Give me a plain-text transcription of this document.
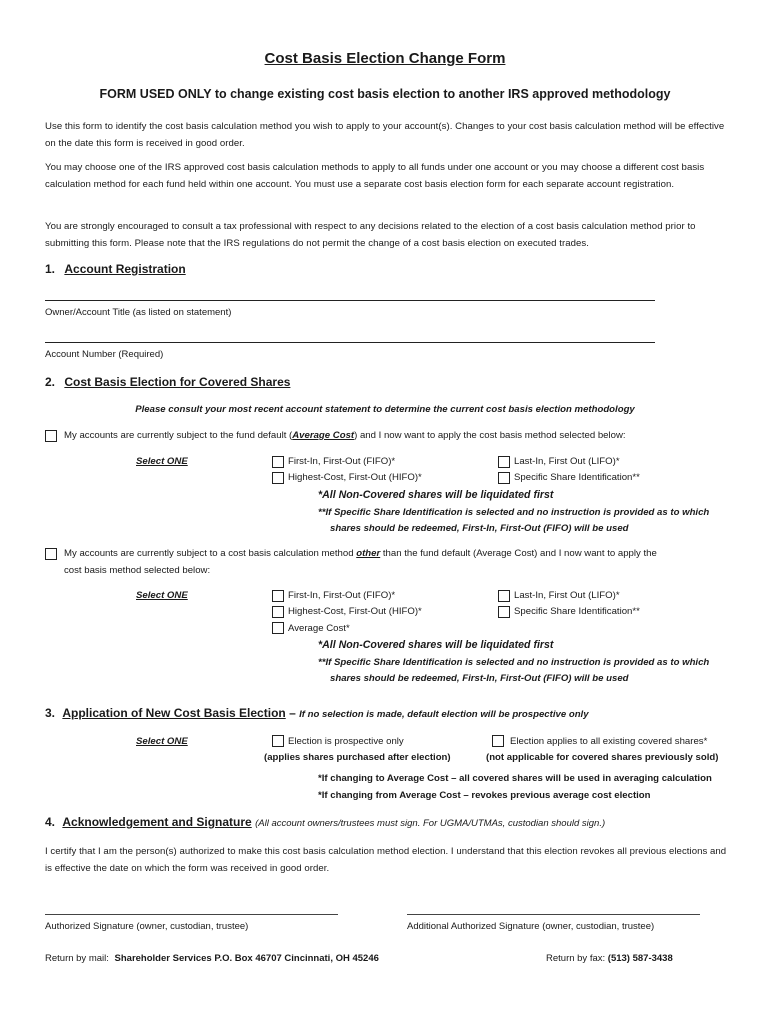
Cost Basis Election Change Form
FORM USED ONLY to change existing cost basis election to another IRS approved methodology
Use this form to identify the cost basis calculation method you wish to apply to your account(s). Changes to your cost basis calculation method will be effective on the date this form is received in good order.
You may choose one of the IRS approved cost basis calculation methods to apply to all funds under one account or you may choose a different cost basis calculation method for each fund held within one account. You must use a separate cost basis election form for each separate account registration.
You are strongly encouraged to consult a tax professional with respect to any decisions related to the election of a cost basis calculation method prior to submitting this form. Please note that the IRS regulations do not permit the change of a cost basis election on executed trades.
1. Account Registration
Owner/Account Title (as listed on statement)
Account Number (Required)
2. Cost Basis Election for Covered Shares
Please consult your most recent account statement to determine the current cost basis election methodology
My accounts are currently subject to the fund default (Average Cost) and I now want to apply the cost basis method selected below:
Select ONE	First-In, First-Out (FIFO)*	Last-In, First Out (LIFO)*
Highest-Cost, First-Out (HIFO)*	Specific Share Identification**
*All Non-Covered shares will be liquidated first
**If Specific Share Identification is selected and no instruction is provided as to which
shares should be redeemed, First-In, First-Out (FIFO) will be used
My accounts are currently subject to a cost basis calculation method other than the fund default (Average Cost) and I now want to apply the
cost basis method selected below:
Select ONE	First-In, First-Out (FIFO)*	Last-In, First Out (LIFO)*
Highest-Cost, First-Out (HIFO)*	Specific Share Identification**
Average Cost*
*All Non-Covered shares will be liquidated first
**If Specific Share Identification is selected and no instruction is provided as to which
shares should be redeemed, First-In, First-Out (FIFO) will be used
3. Application of New Cost Basis Election – If no selection is made, default election will be prospective only
Select ONE	Election is prospective only
(applies shares purchased after election)
Election applies to all existing covered shares*
(not applicable for covered shares previously sold)
*If changing to Average Cost – all covered shares will be used in averaging calculation
*If changing from Average Cost – revokes previous average cost election
4. Acknowledgement and Signature (All account owners/trustees must sign. For UGMA/UTMAs, custodian should sign.)
I certify that I am the person(s) authorized to make this cost basis calculation method election. I understand that this election revokes all previous elections and is effective the date on which the form was received in good order.
Authorized Signature (owner, custodian, trustee)	Additional Authorized Signature (owner, custodian, trustee)
Return by mail: Shareholder Services P.O. Box 46707 Cincinnati, OH 45246	Return by fax: (513) 587-3438
